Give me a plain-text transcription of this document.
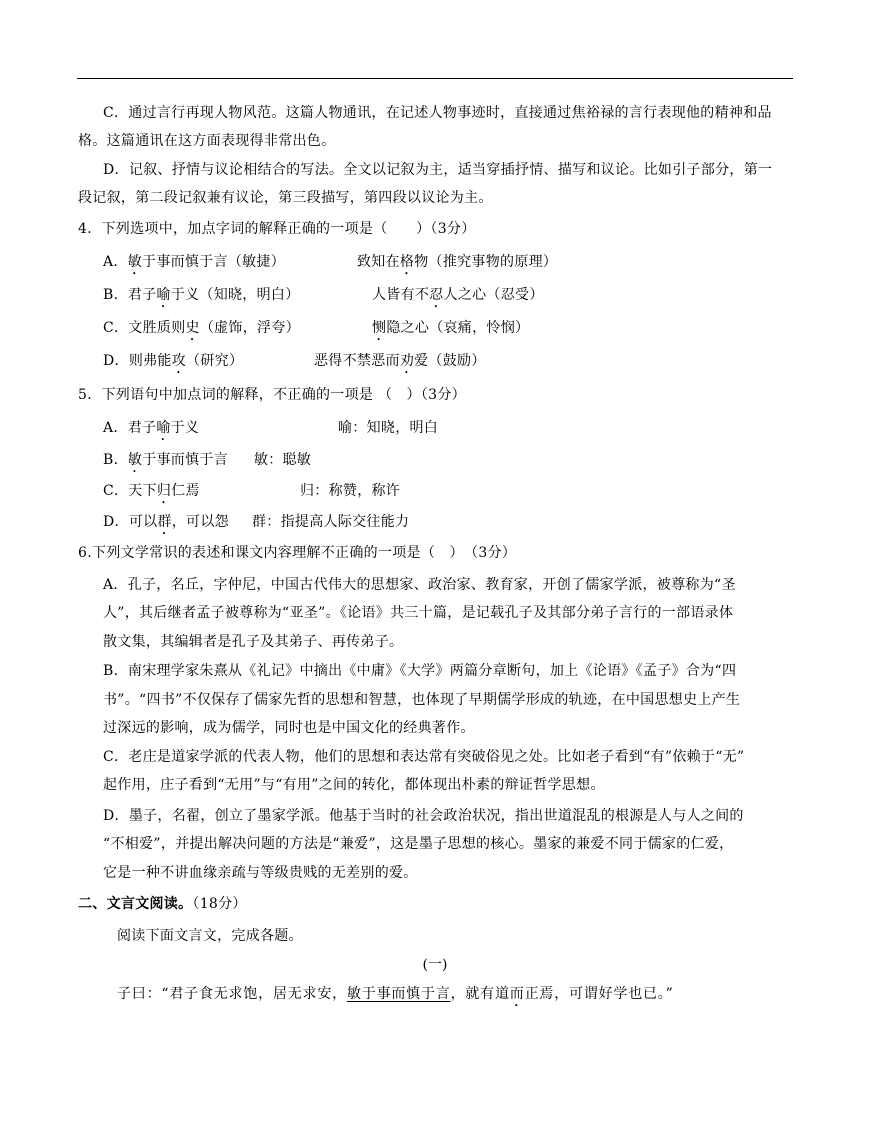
C．通过言行再现人物风范。这篇人物通讯，在记述人物事迹时，直接通过焦裕禄的言行表现他的精神和品
格。这篇通讯在这方面表现得非常出色。
D．记叙、抒情与议论相结合的写法。全文以记叙为主，适当穿插抒情、描写和议论。比如引子部分，第一
段记叙，第二段记叙兼有议论，第三段描写，第四段以议论为主。
4．下列选项中，加点字词的解释正确的一项是（　　）（3分）
A．敏于事而慎于言（敏捷）	致知在格物（推究事物的原理）
B．君子喻于义（知晓，明白）	人皆有不忍人之心（忍受）
C．文胜质则史（虚饰，浮夸）	恻隐之心（哀痛，怜悯）
D．则弗能攻（研究）	恶得不禁恶而劝爱（鼓励）
5．下列语句中加点词的解释，不正确的一项是 （　）（3分）
A．君子喻于义	喻：知晓，明白
B．敏于事而慎于言 敏：聪敏
C．天下归仁焉	归：称赞，称许
D．可以群，可以怨 群：指提高人际交往能力
6.下列文学常识的表述和课文内容理解不正确的一项是（　）　（3分）
A．孔子，名丘，字仲尼，中国古代伟大的思想家、政治家、教育家，开创了儒家学派，被尊称为“圣
人”，其后继者孟子被尊称为“亚圣”。《论语》共三十篇，是记载孔子及其部分弟子言行的一部语录体
散文集，其编辑者是孔子及其弟子、再传弟子。
B．南宋理学家朱熹从《礼记》中摘出《中庸》《大学》两篇分章断句，加上《论语》《孟子》合为“四
书”。“四书”不仅保存了儒家先哲的思想和智慧，也体现了早期儒学形成的轨迹，在中国思想史上产生
过深远的影响，成为儒学，同时也是中国文化的经典著作。
C．老庄是道家学派的代表人物，他们的思想和表达常有突破俗见之处。比如老子看到“有”依赖于“无”
起作用，庄子看到“无用”与“有用”之间的转化，都体现出朴素的辩证哲学思想。
D．墨子，名翟，创立了墨家学派。他基于当时的社会政治状况，指出世道混乱的根源是人与人之间的
“不相爱”，并提出解决问题的方法是“兼爱”，这是墨子思想的核心。墨家的兼爱不同于儒家的仁爱，
它是一种不讲血缘亲疏与等级贵贱的无差别的爱。
二、文言文阅读。（18分）
阅读下面文言文，完成各题。
(一)
子曰：“君子食无求饱，居无求安，敏于事而慎于言，就有道而正焉，可谓好学也已。”
